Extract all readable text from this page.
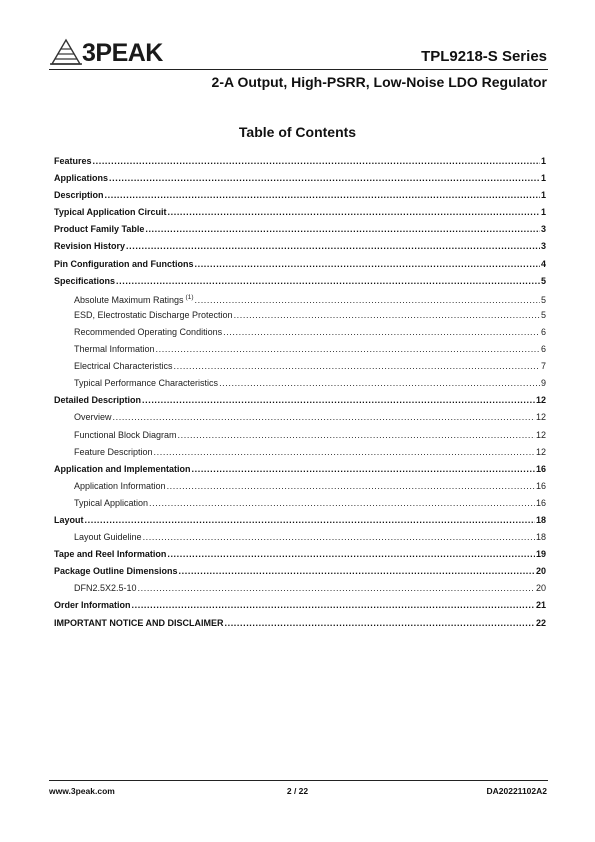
3PEAK	TPL9218-S Series
2-A Output, High-PSRR, Low-Noise LDO Regulator
Table of Contents
Features .....	1
Applications .....	1
Description .....	1
Typical Application Circuit .....	1
Product Family Table .....	3
Revision History .....	3
Pin Configuration and Functions .....	4
Specifications .....	5
Absolute Maximum Ratings $^{(1)}$ .....	5
ESD, Electrostatic Discharge Protection .....	5
Recommended Operating Conditions .....	6
Thermal Information .....	6
Electrical Characteristics .....	7
Typical Performance Characteristics .....	9
Detailed Description .....	12
Overview .....	12
Functional Block Diagram .....	12
Feature Description .....	12
Application and Implementation .....	16
Application Information .....	16
Typical Application .....	16
Layout .....	18
Layout Guideline .....	18
Tape and Reel Information .....	19
Package Outline Dimensions .....	20
DFN2.5X2.5-10 .....	20
Order Information .....	21
IMPORTANT NOTICE AND DISCLAIMER .....	22
www.3peak.com	2 / 22	DA20221102A2
